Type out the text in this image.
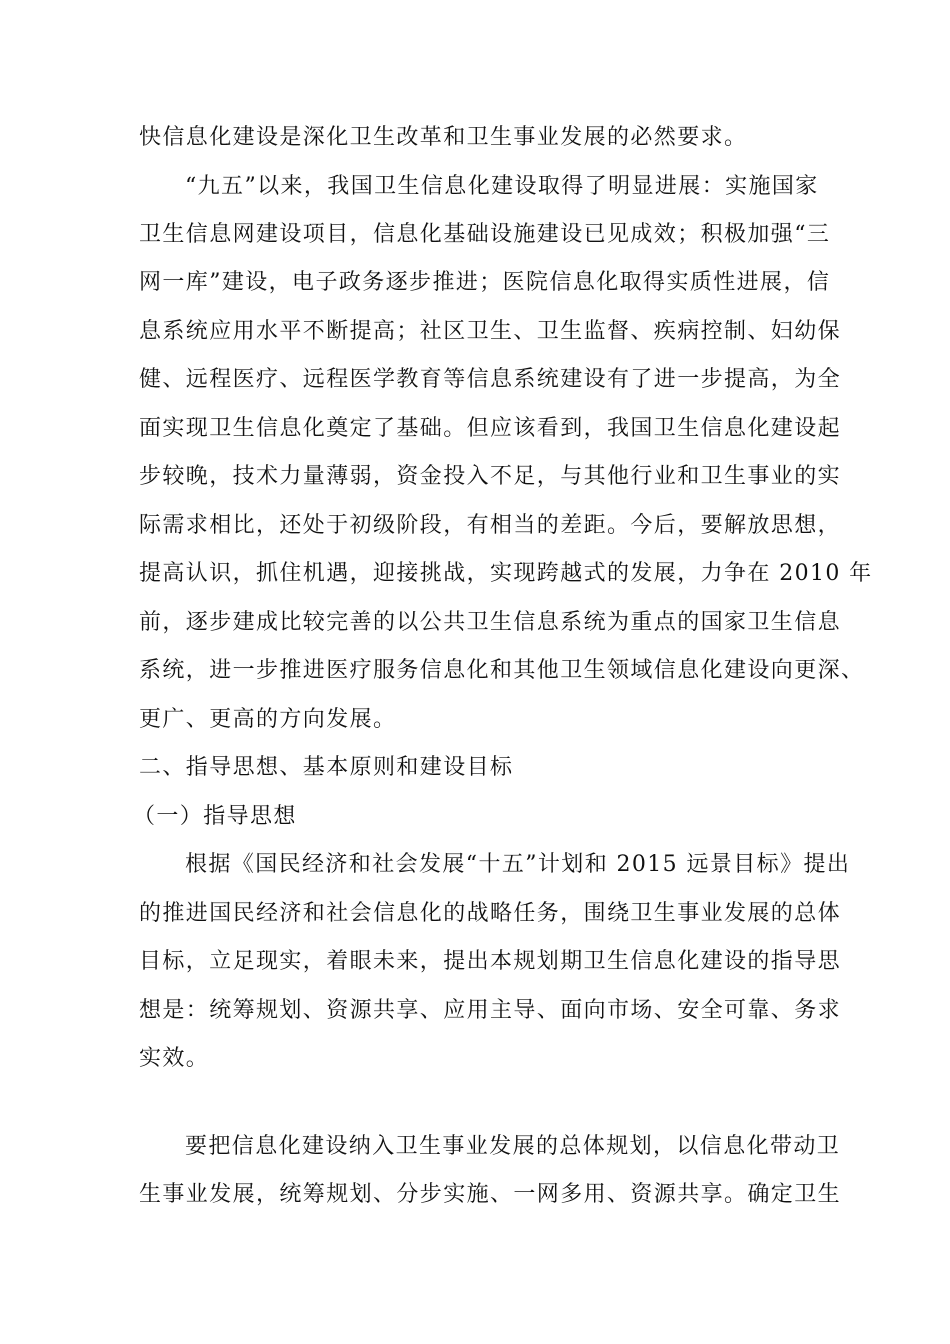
快信息化建设是深化卫生改革和卫生事业发展的必然要求。
“九五”以来，我国卫生信息化建设取得了明显进展：实施国家
卫生信息网建设项目，信息化基础设施建设已见成效；积极加强“三
网一库”建设，电子政务逐步推进；医院信息化取得实质性进展，信
息系统应用水平不断提高；社区卫生、卫生监督、疾病控制、妇幼保
健、远程医疗、远程医学教育等信息系统建设有了进一步提高，为全
面实现卫生信息化奠定了基础。但应该看到，我国卫生信息化建设起
步较晚，技术力量薄弱，资金投入不足，与其他行业和卫生事业的实
际需求相比，还处于初级阶段，有相当的差距。今后，要解放思想，
提高认识，抓住机遇，迎接挑战，实现跨越式的发展，力争在 2010 年
前，逐步建成比较完善的以公共卫生信息系统为重点的国家卫生信息
系统，进一步推进医疗服务信息化和其他卫生领域信息化建设向更深、
更广、更高的方向发展。
二、指导思想、基本原则和建设目标
（一）指导思想
根据《国民经济和社会发展“十五”计划和 2015 远景目标》提出
的推进国民经济和社会信息化的战略任务，围绕卫生事业发展的总体
目标，立足现实，着眼未来，提出本规划期卫生信息化建设的指导思
想是：统筹规划、资源共享、应用主导、面向市场、安全可靠、务求
实效。
要把信息化建设纳入卫生事业发展的总体规划，以信息化带动卫
生事业发展，统筹规划、分步实施、一网多用、资源共享。确定卫生
